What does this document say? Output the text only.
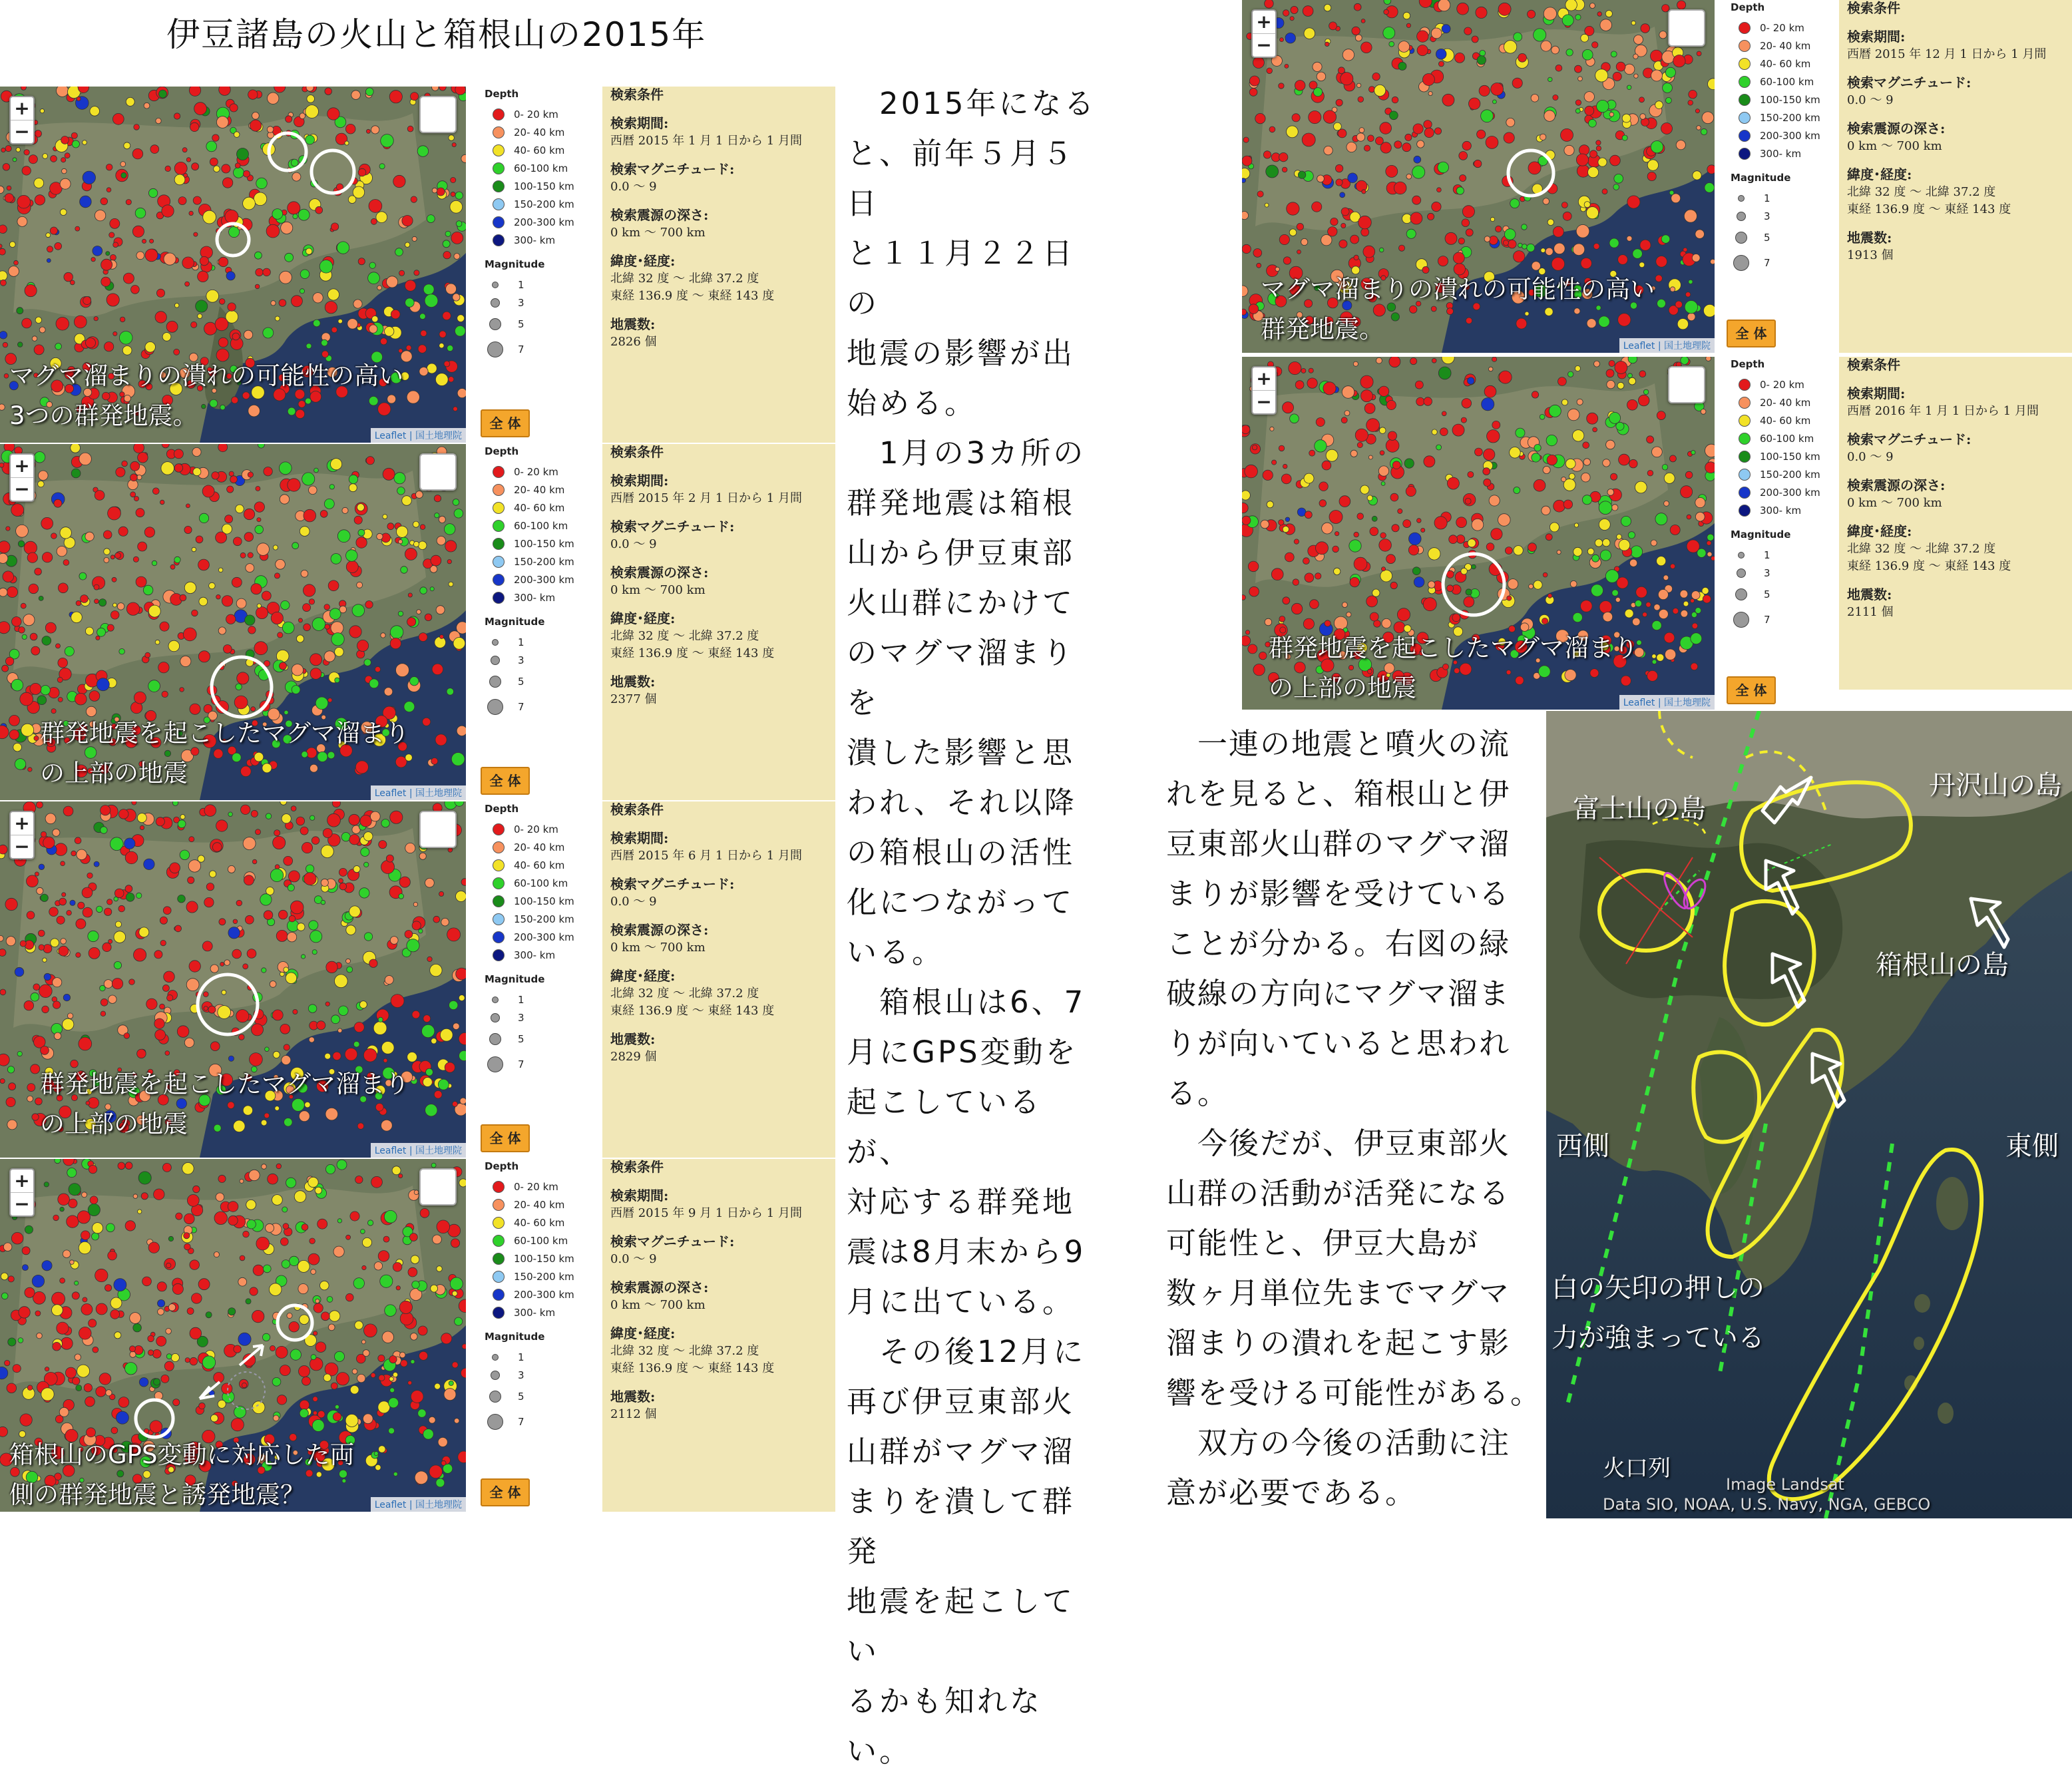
伊豆諸島の火山と箱根山の2015年
+
−
マグマ溜まりの潰れの可能性の高い
3つの群発地震。
Leaflet | 国土地理院
Depth
0- 20 km
20- 40 km
40- 60 km
60-100 km
100-150 km
150-200 km
200-300 km
300- km
Magnitude
1
3
5
7
全 体
検索条件
検索期間:
西暦 2015 年 1 月 1 日から 1 月間
検索マグニチュード:
0.0 〜 9
検索震源の深さ:
0 km 〜 700 km
緯度･経度:
北緯 32 度 〜 北緯 37.2 度
東経 136.9 度 〜 東経 143 度
地震数:
2826 個
+
−
群発地震を起こしたマグマ溜まり
の上部の地震
Leaflet | 国土地理院
Depth
0- 20 km
20- 40 km
40- 60 km
60-100 km
100-150 km
150-200 km
200-300 km
300- km
Magnitude
1
3
5
7
全 体
検索条件
検索期間:
西暦 2015 年 2 月 1 日から 1 月間
検索マグニチュード:
0.0 〜 9
検索震源の深さ:
0 km 〜 700 km
緯度･経度:
北緯 32 度 〜 北緯 37.2 度
東経 136.9 度 〜 東経 143 度
地震数:
2377 個
+
−
群発地震を起こしたマグマ溜まり
の上部の地震
Leaflet | 国土地理院
Depth
0- 20 km
20- 40 km
40- 60 km
60-100 km
100-150 km
150-200 km
200-300 km
300- km
Magnitude
1
3
5
7
全 体
検索条件
検索期間:
西暦 2015 年 6 月 1 日から 1 月間
検索マグニチュード:
0.0 〜 9
検索震源の深さ:
0 km 〜 700 km
緯度･経度:
北緯 32 度 〜 北緯 37.2 度
東経 136.9 度 〜 東経 143 度
地震数:
2829 個
+
−
箱根山のGPS変動に対応した両
側の群発地震と誘発地震？	Leaflet | 国土地理院
Depth
0- 20 km
20- 40 km
40- 60 km
60-100 km
100-150 km
150-200 km
200-300 km
300- km
Magnitude
1
3
5
7
全 体
検索条件
検索期間:
西暦 2015 年 9 月 1 日から 1 月間
検索マグニチュード:
0.0 〜 9
検索震源の深さ:
0 km 〜 700 km
緯度･経度:
北緯 32 度 〜 北緯 37.2 度
東経 136.9 度 〜 東経 143 度
地震数:
2112 個
+
−
マグマ溜まりの潰れの可能性の高い
群発地震。
Leaflet | 国土地理院
Depth
0- 20 km
20- 40 km
40- 60 km
60-100 km
100-150 km
150-200 km
200-300 km
300- km
Magnitude
1
3
5
7
全 体
検索条件
検索期間:
西暦 2015 年 12 月 1 日から 1 月間
検索マグニチュード:
0.0 〜 9
検索震源の深さ:
0 km 〜 700 km
緯度･経度:
北緯 32 度 〜 北緯 37.2 度
東経 136.9 度 〜 東経 143 度
地震数:
1913 個
+
−
群発地震を起こしたマグマ溜まり
の上部の地震
Leaflet | 国土地理院
Depth
0- 20 km
20- 40 km
40- 60 km
60-100 km
100-150 km
150-200 km
200-300 km
300- km
Magnitude
1
3
5
7
全 体
検索条件
検索期間:
西暦 2016 年 1 月 1 日から 1 月間
検索マグニチュード:
0.0 〜 9
検索震源の深さ:
0 km 〜 700 km
緯度･経度:
北緯 32 度 〜 北緯 37.2 度
東経 136.9 度 〜 東経 143 度
地震数:
2111 個

　2015年になる

と、前年５月５日

と１１月２２日の

地震の影響が出

始める。

　1月の3カ所の

群発地震は箱根

山から伊豆東部

火山群にかけて

のマグマ溜まりを

潰した影響と思

われ、それ以降

の箱根山の活性

化につながって

いる。

　箱根山は6、7

月にGPS変動を

起こしているが、

対応する群発地

震は8月末から9

月に出ている。

　その後12月に

再び伊豆東部火

山群がマグマ溜

まりを潰して群発

地震を起こしてい

るかも知れない。

　一連の地震と噴火の流

れを見ると、箱根山と伊

豆東部火山群のマグマ溜

まりが影響を受けている

ことが分かる。右図の緑

破線の方向にマグマ溜ま

りが向いていると思われ

る。

　今後だが、伊豆東部火

山群の活動が活発になる

可能性と、伊豆大島が

数ヶ月単位先までマグマ

溜まりの潰れを起こす影

響を受ける可能性がある。

　双方の今後の活動に注

意が必要である。

富士山の島
丹沢山の島
箱根山の島
西側	東側
白の矢印の押しの
力が強まっている
火口列
Image Landsat
Data SIO, NOAA, U.S. Navy, NGA, GEBCO
